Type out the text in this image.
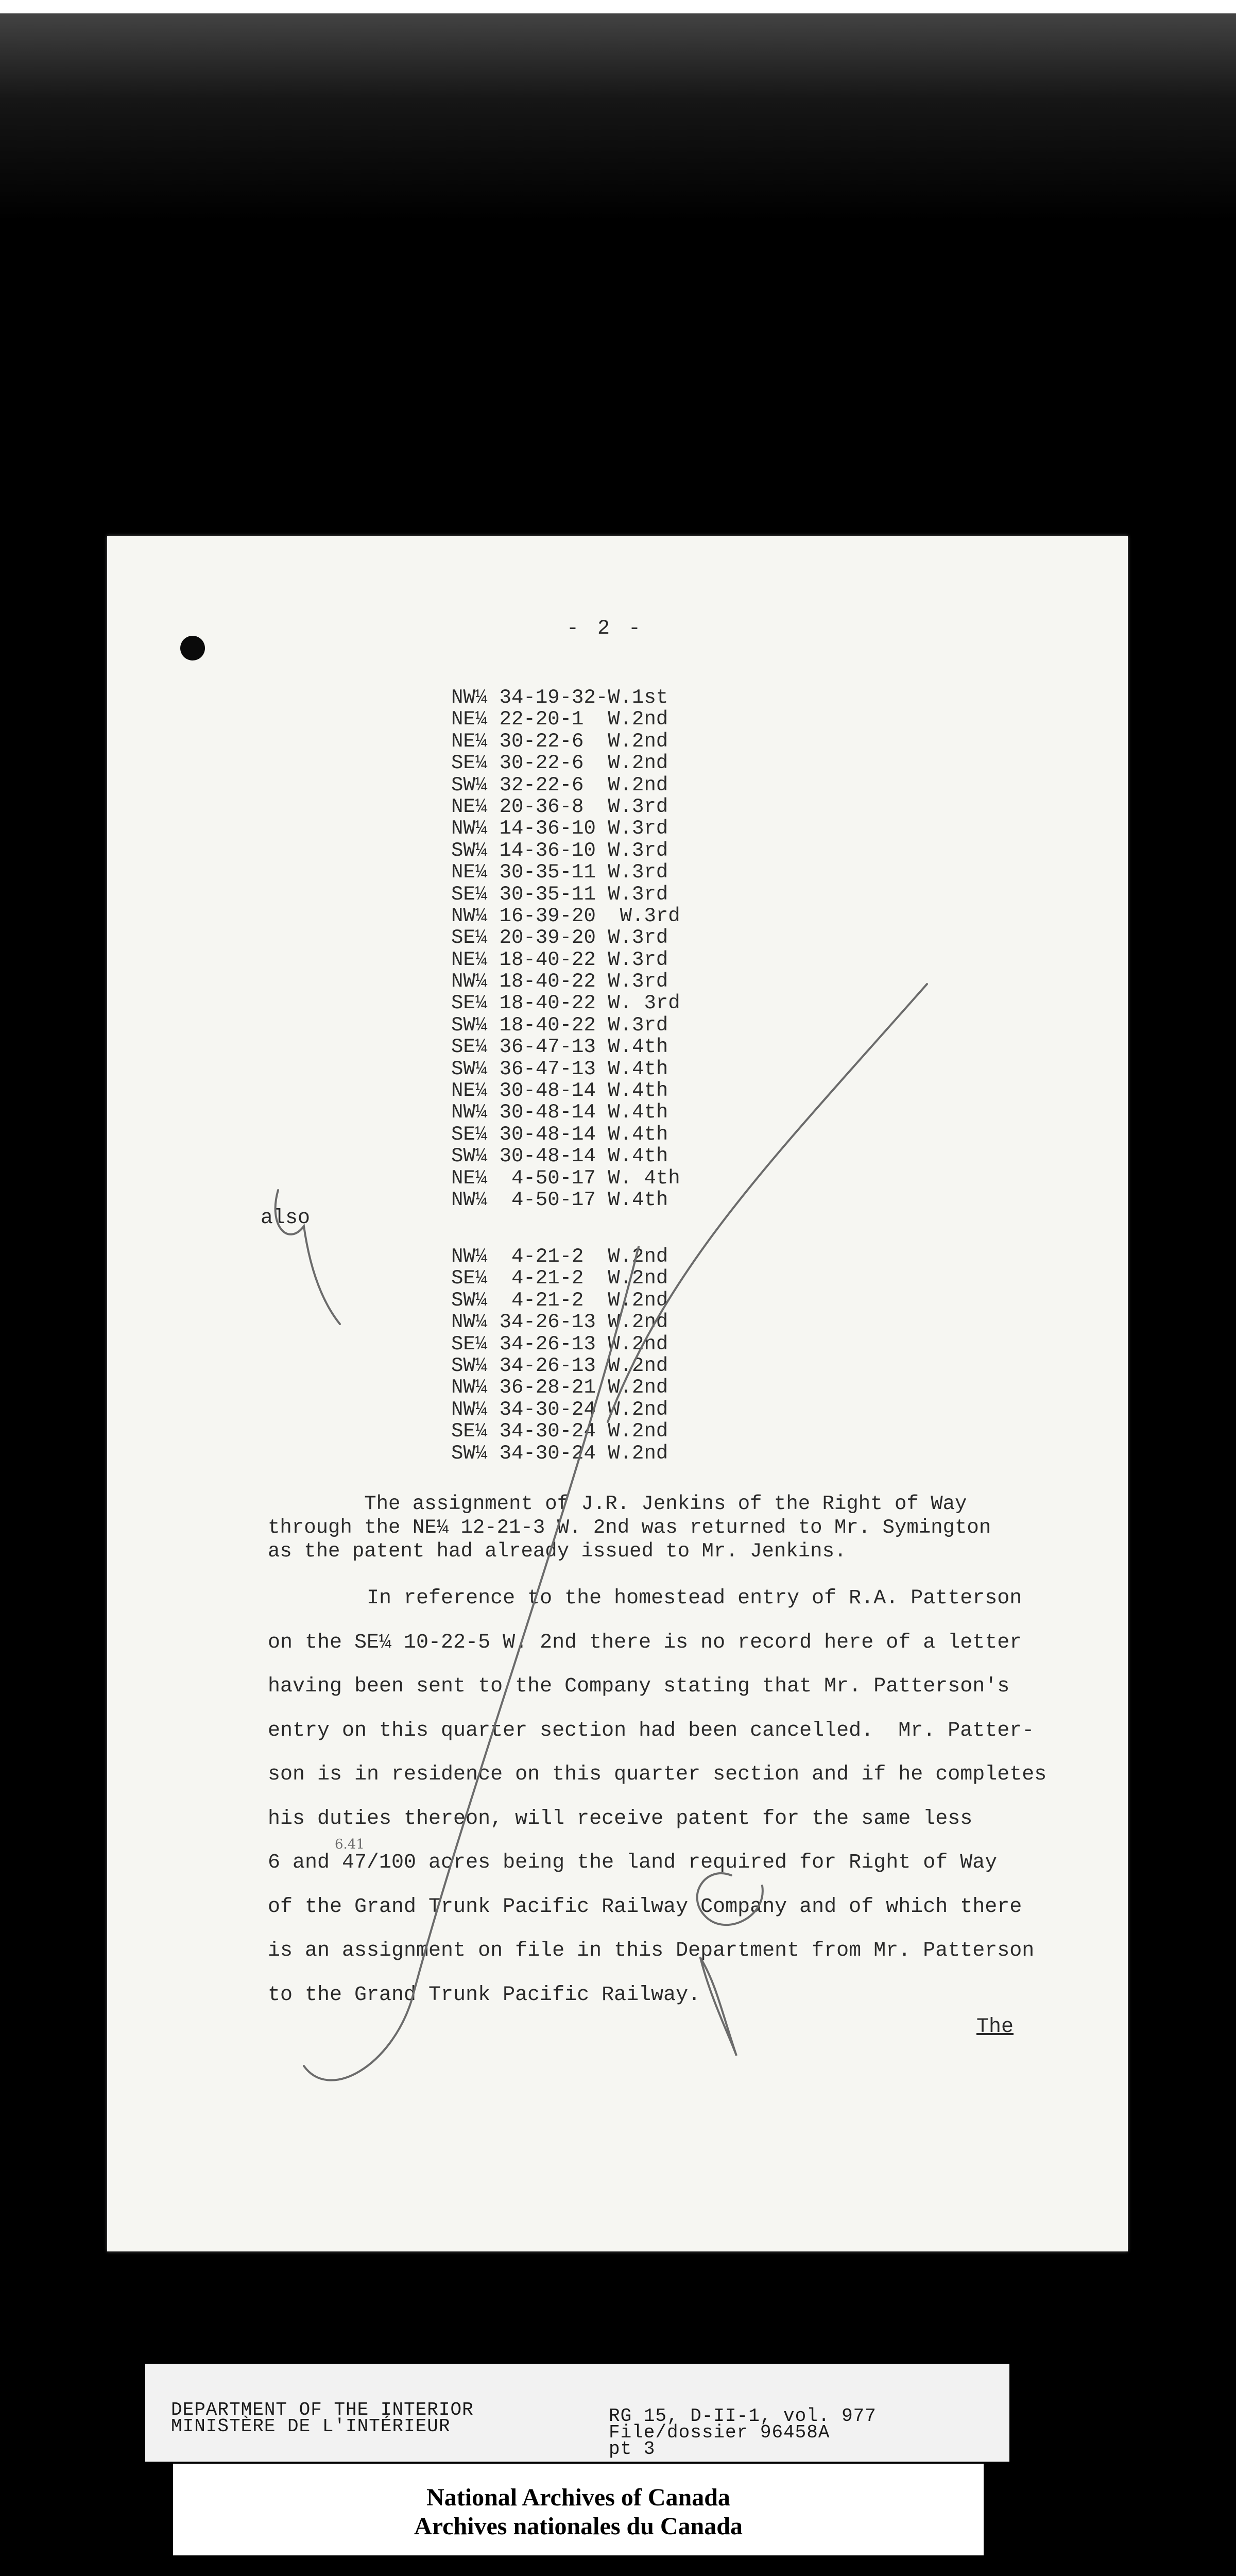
- 2 -
NW¼ 34-19-32-W.1st
NE¼ 22-20-1  W.2nd
NE¼ 30-22-6  W.2nd
SE¼ 30-22-6  W.2nd
SW¼ 32-22-6  W.2nd
NE¼ 20-36-8  W.3rd
NW¼ 14-36-10 W.3rd
SW¼ 14-36-10 W.3rd
NE¼ 30-35-11 W.3rd
SE¼ 30-35-11 W.3rd
NW¼ 16-39-20  W.3rd
SE¼ 20-39-20 W.3rd
NE¼ 18-40-22 W.3rd
NW¼ 18-40-22 W.3rd
SE¼ 18-40-22 W. 3rd
SW¼ 18-40-22 W.3rd
SE¼ 36-47-13 W.4th
SW¼ 36-47-13 W.4th
NE¼ 30-48-14 W.4th
NW¼ 30-48-14 W.4th
SE¼ 30-48-14 W.4th
SW¼ 30-48-14 W.4th
NE¼  4-50-17 W. 4th
NW¼  4-50-17 W.4th
also
NW¼  4-21-2  W.2nd
SE¼  4-21-2  W.2nd
SW¼  4-21-2  W.2nd
NW¼ 34-26-13 W.2nd
SE¼ 34-26-13 W.2nd
SW¼ 34-26-13 W.2nd
NW¼ 36-28-21 W.2nd
NW¼ 34-30-24 W.2nd
SE¼ 34-30-24 W.2nd
SW¼ 34-30-24 W.2nd
The assignment of J.R. Jenkins of the Right of Way
through the NE¼ 12-21-3 W. 2nd was returned to Mr. Symington
as the patent had already issued to Mr. Jenkins.
In reference to the homestead entry of R.A. Patterson
on the SE¼ 10-22-5 W. 2nd there is no record here of a letter
having been sent to the Company stating that Mr. Patterson's
entry on this quarter section had been cancelled.  Mr. Patter-
son is in residence on this quarter section and if he completes
his duties thereon, will receive patent for the same less
6 and 47/100 acres being the land required for Right of Way
of the Grand Trunk Pacific Railway Company and of which there
is an assignment on file in this Department from Mr. Patterson
to the Grand Trunk Pacific Railway.
The
6.41
DEPARTMENT OF THE INTERIOR
MINISTÈRE DE L'INTÉRIEUR	RG 15, D-II-1, vol. 977
File/dossier 96458A
pt 3
National Archives of Canada
Archives nationales du Canada
